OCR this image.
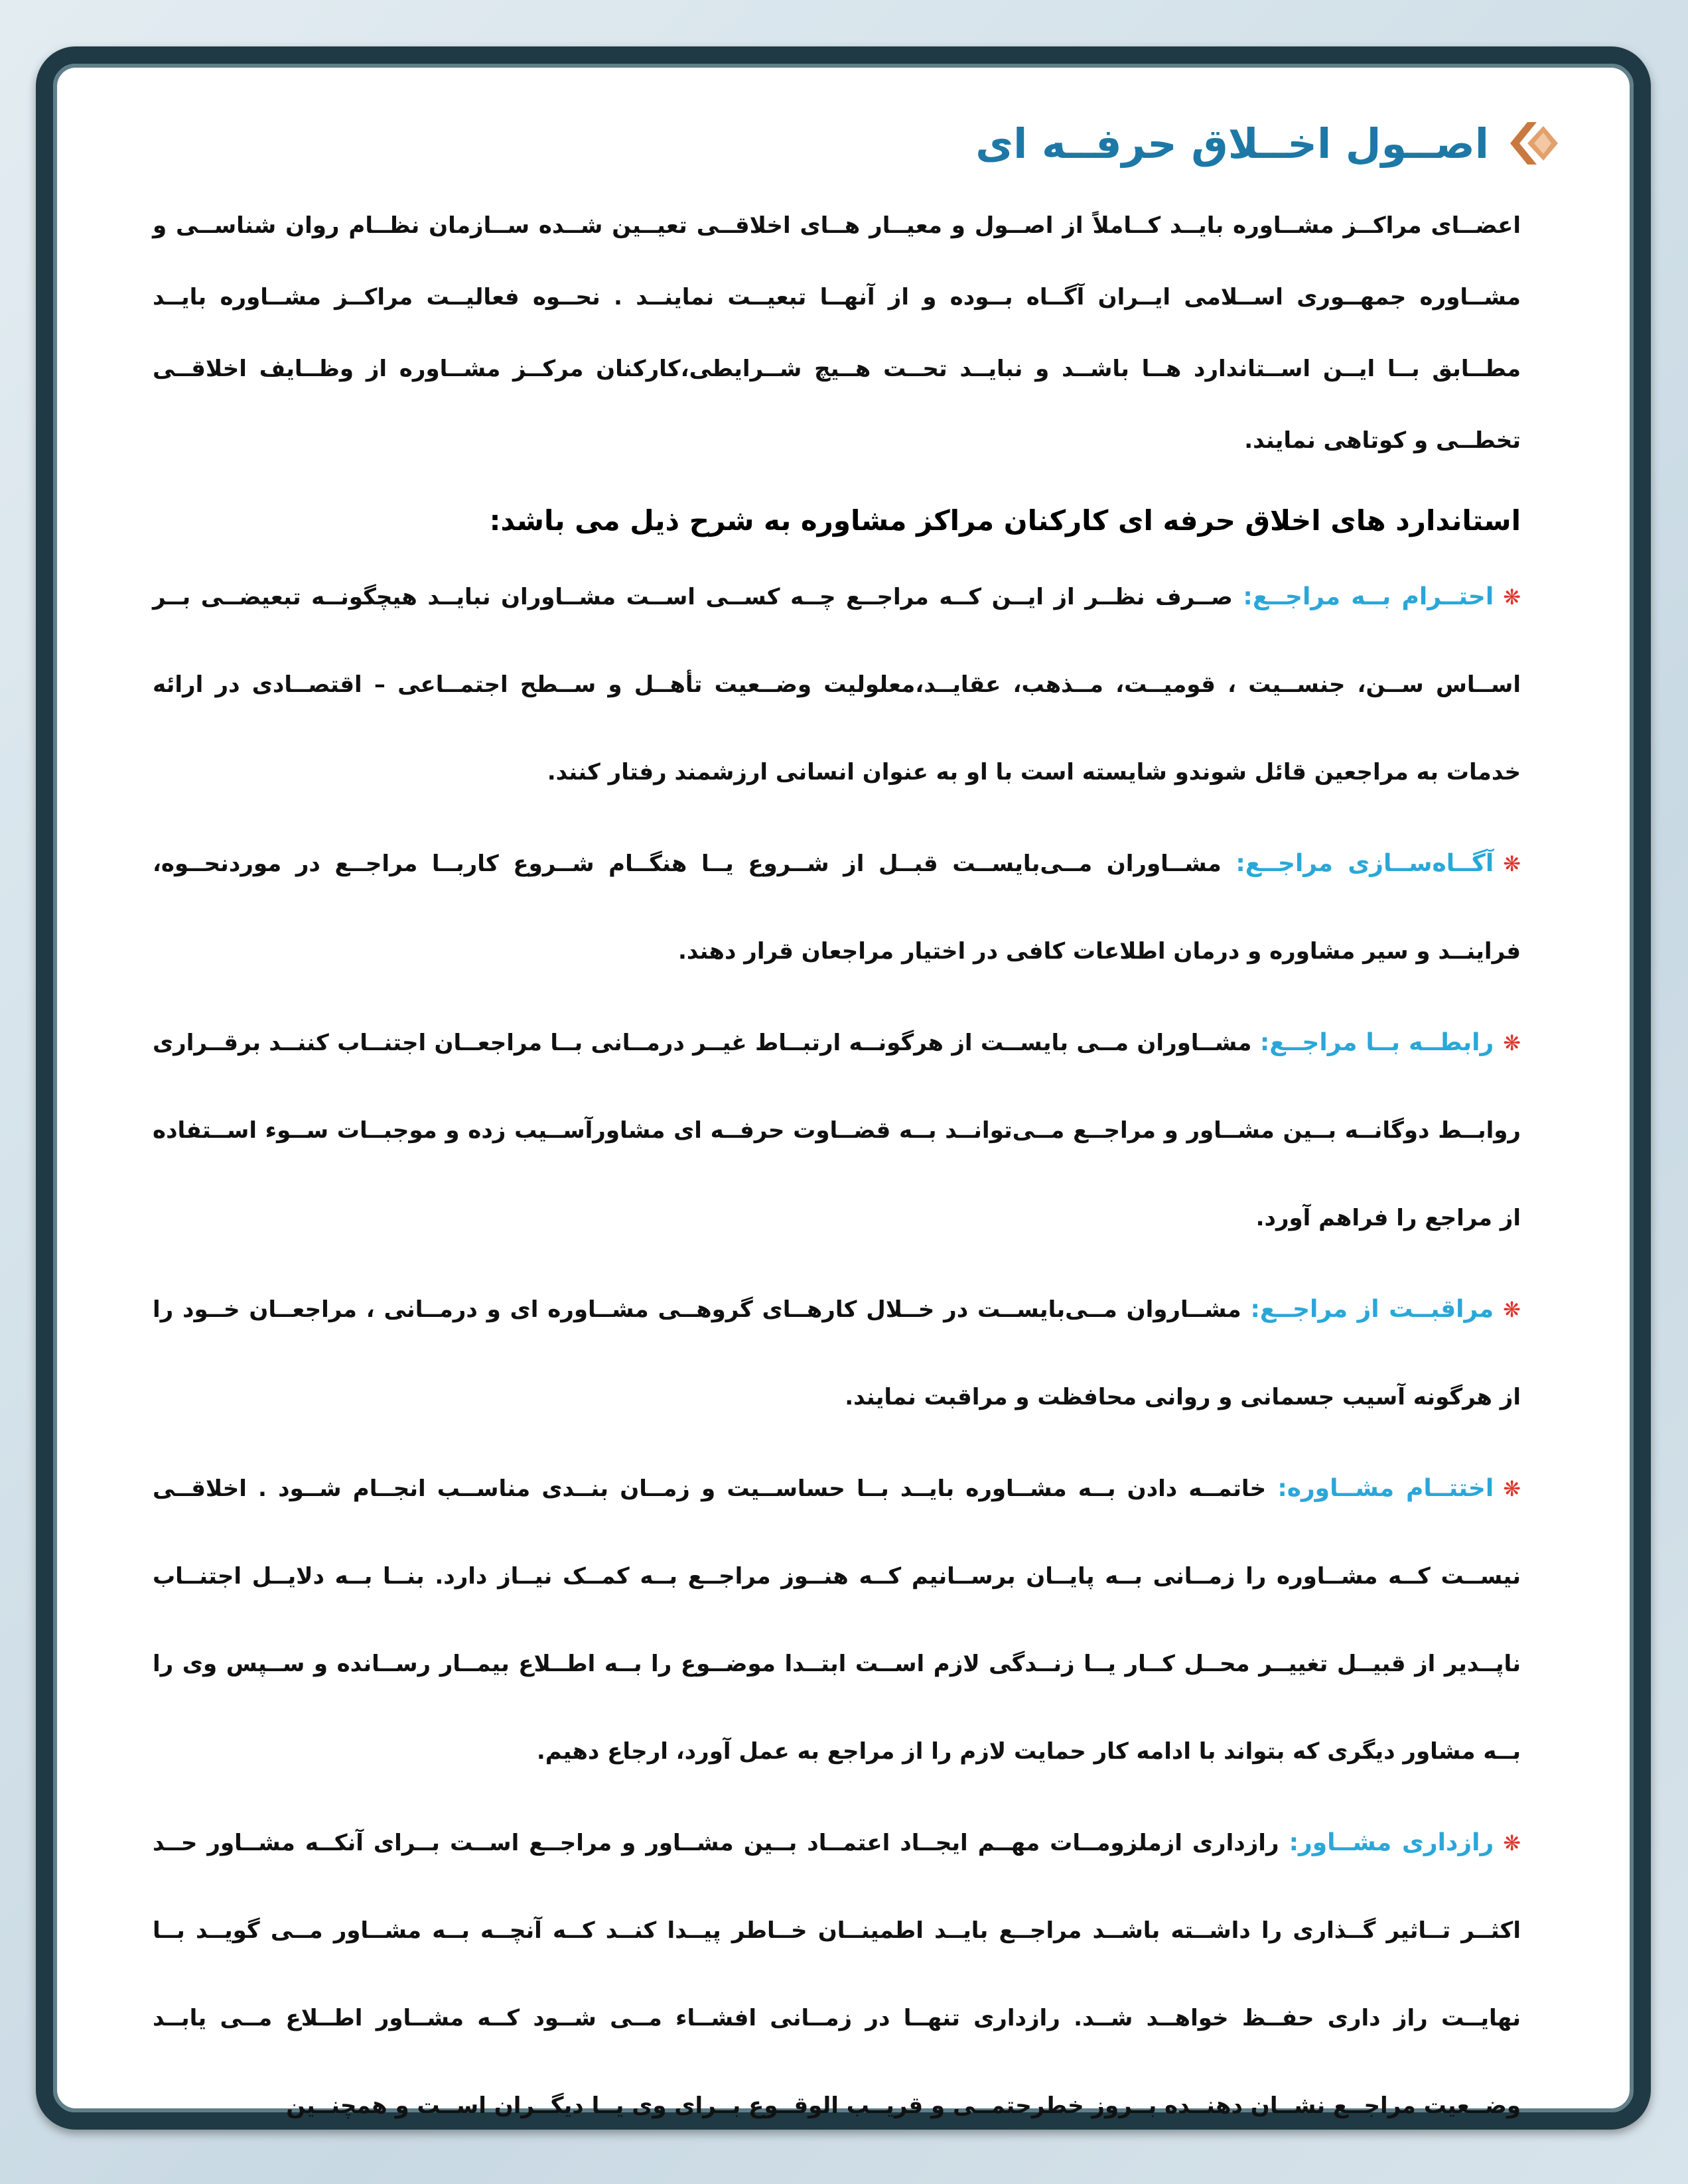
اصــول اخــلاق حرفــه ای

اعضــای مراکــز مشــاوره بایــد کــاملاً از اصــول و معیــار هــای اخلاقــی تعیــین شــده ســازمان نظــام روان شناســی و مشــاوره جمهــوری اســلامی ایــران آگــاه بــوده و از آنهــا تبعیــت نماینــد . نحــوه فعالیــت مراکــز مشــاوره بایــد مطــابق بــا ایــن اســتاندارد هــا باشــد و نبایــد تحــت هــیچ شــرایطی،کارکنان مرکــز مشــاوره از وظــایف اخلاقــی تخطــی و کوتاهی نمایند.

استاندارد های اخلاق حرفه ای کارکنان مراکز مشاوره به شرح ذیل می باشد:

❋احتــرام بــه مراجــع: صــرف نظــر از ایــن کــه مراجــع چــه کســی اســت مشــاوران نبایــد هیچگونــه تبعیضــی بــر اســاس ســن، جنســیت ، قومیــت، مــذهب، عقایــد،معلولیت وضــعیت تأهــل و ســطح اجتمــاعی – اقتصــادی در ارائه خدمات به مراجعین قائل شوندو شایسته است با او به عنوان انسانی ارزشمند رفتار کنند.

❋آگــاه‌ســازی مراجــع: مشــاوران مــی‌بایســت قبــل از شــروع یــا هنگــام شــروع کاربــا مراجــع در موردنحــوه، فراینــد و سیر مشاوره و درمان اطلاعات کافی در اختیار مراجعان قرار دهند.

❋رابطــه بــا مراجــع: مشــاوران مــی بایســت از هرگونــه ارتبــاط غیــر درمــانی بــا مراجعــان اجتنــاب کننــد برقــراری روابــط دوگانــه بــین مشــاور و مراجــع مــی‌توانــد بــه قضــاوت حرفــه ای مشاورآســیب زده و موجبــات ســوء اســتفاده از مراجع را فراهم آورد.

❋مراقبــت از مراجــع: مشــاروان مــی‌بایســت در خــلال کارهــای گروهــی مشــاوره ای و درمــانی ، مراجعــان خــود را از هرگونه آسیب جسمانی و روانی محافظت و مراقبت نمایند.

❋اختتــام مشــاوره: خاتمــه دادن بــه مشــاوره بایــد بــا حساســیت و زمــان بنــدی مناســب انجــام شــود . اخلاقــی نیســت کــه مشــاوره را زمــانی بــه پایــان برســانیم کــه هنــوز مراجــع بــه کمــک نیــاز دارد. بنــا بــه دلایــل اجتنــاب ناپــدیر از قبیــل تغییــر محــل کــار یــا زنــدگی لازم اســت ابتــدا موضــوع را بــه اطــلاع بیمــار رســانده و ســپس وی را بــه مشاور دیگری که بتواند با ادامه کار حمایت لازم را از مراجع به عمل آورد، ارجاع دهیم.

❋رازداری مشــاور: رازداری ازملزومــات مهــم ایجــاد اعتمــاد بــین مشــاور و مراجــع اســت بــرای آنکــه مشــاور حــد اکثــر تــاثیر گــذاری را داشــته باشــد مراجــع بایــد اطمینــان خــاطر پیــدا کنــد کــه آنچــه بــه مشــاور مــی گویــد بــا نهایــت راز داری حفــظ خواهــد شــد. رازداری تنهــا در زمــانی افشــاء مــی شــود کــه مشــاور اطــلاع مــی یابــد وضــعیت مراجــع نشــان دهنــده بــروز خطرحتمــی و قریــب الوقــوع بــرای وی یــا دیگــران اســت و همچنــین
